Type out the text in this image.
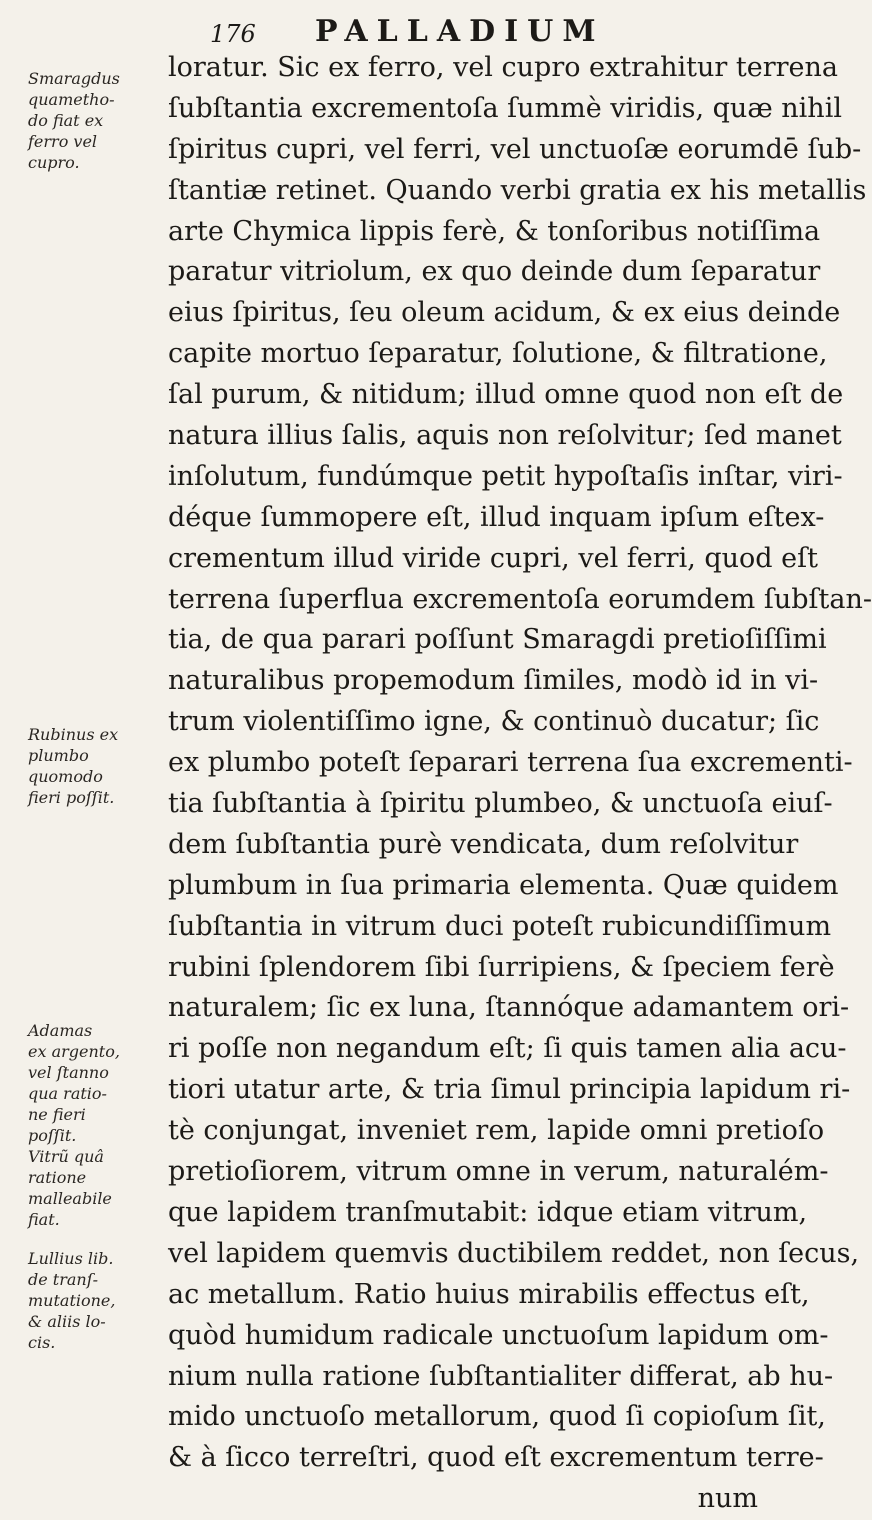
176 PALLADIUM
loratur. Sic ex ferro, vel cupro extrahitur terrena
ſubſtantia excrementoſa ſummè viridis, quæ nihil
ſpiritus cupri, vel ferri, vel unctuoſæ eorumdē ſub-
ſtantiæ retinet. Quando verbi gratia ex his metallis
arte Chymica lippis ferè, & tonſoribus notiſſima
paratur vitriolum, ex quo deinde dum ſeparatur
eius ſpiritus, ſeu oleum acidum, & ex eius deinde
capite mortuo ſeparatur, ſolutione, & filtratione,
ſal purum, & nitidum; illud omne quod non eſt de
natura illius ſalis, aquis non reſolvitur; ſed manet
inſolutum, fundúmque petit hypoſtaſis inſtar, viri-
déque ſummopere eſt, illud inquam ipſum eſtex-
crementum illud viride cupri, vel ferri, quod eſt
terrena ſuperflua excrementoſa eorumdem ſubſtan-
tia, de qua parari poſſunt Smaragdi pretioſiſſimi
naturalibus propemodum ſimiles, modò id in vi-
trum violentiſſimo igne, & continuò ducatur; ſic
ex plumbo poteſt ſeparari terrena ſua excrementi-
tia ſubſtantia à ſpiritu plumbeo, & unctuoſa eiuſ-
dem ſubſtantia purè vendicata, dum reſolvitur
plumbum in ſua primaria elementa. Quæ quidem
ſubſtantia in vitrum duci poteſt rubicundiſſimum
rubini ſplendorem ſibi ſurripiens, & ſpeciem ferè
naturalem; ſic ex luna, ſtannóque adamantem ori-
ri poſſe non negandum eſt; ſi quis tamen alia acu-
tiori utatur arte, & tria ſimul principia lapidum ri-
tè conjungat, inveniet rem, lapide omni pretioſo
pretioſiorem, vitrum omne in verum, naturalém-
que lapidem tranſmutabit: idque etiam vitrum,
vel lapidem quemvis ductibilem reddet, non ſecus,
ac metallum. Ratio huius mirabilis effectus eſt,
quòd humidum radicale unctuoſum lapidum om-
nium nulla ratione ſubſtantialiter differat, ab hu-
mido unctuoſo metallorum, quod ſi copioſum ſit,
& à ſicco terreſtri, quod eſt excrementum terre-
num
Smaragdus
quametho-
do fiat ex
ferro vel
cupro.
Rubinus ex
plumbo
quomodo
fieri poſſit.
Adamas
ex argento,
vel ſtanno
qua ratio-
ne fieri
poſſit.
Vitrũ quâ
ratione
malleabile
fiat.
Lullius lib.
de tranſ-
mutatione,
& aliis lo-
cis.
